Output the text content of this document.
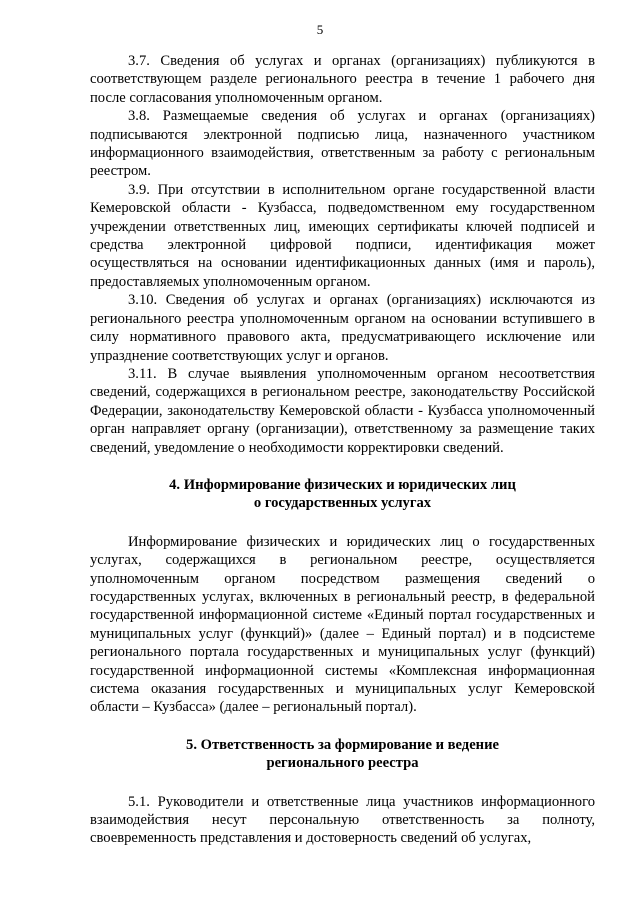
5

3.7. Сведения об услугах и органах (организациях) публикуются в соответствующем разделе регионального реестра в течение 1 рабочего дня после согласования уполномоченным органом.

3.8. Размещаемые сведения об услугах и органах (организациях) подписываются электронной подписью лица, назначенного участником информационного взаимодействия, ответственным за работу с региональным реестром.

3.9. При отсутствии в исполнительном органе государственной власти Кемеровской области - Кузбасса, подведомственном ему государственном учреждении ответственных лиц, имеющих сертификаты ключей подписей и средства электронной цифровой подписи, идентификация может осуществляться на основании идентификационных данных (имя и пароль), предоставляемых уполномоченным органом.

3.10. Сведения об услугах и органах (организациях) исключаются из регионального реестра уполномоченным органом на основании вступившего в силу нормативного правового акта, предусматривающего исключение или упразднение соответствующих услуг и органов.

3.11. В случае выявления уполномоченным органом несоответствия сведений, содержащихся в региональном реестре, законодательству Российской Федерации, законодательству Кемеровской области - Кузбасса уполномоченный орган направляет органу (организации), ответственному за размещение таких сведений, уведомление о необходимости корректировки сведений.

4. Информирование физических и юридических лиц
о государственных услугах

Информирование физических и юридических лиц о государственных услугах, содержащихся в региональном реестре, осуществляется уполномоченным органом посредством размещения сведений о государственных услугах, включенных в региональный реестр, в федеральной государственной информационной системе «Единый портал государственных и муниципальных услуг (функций)» (далее – Единый портал) и в подсистеме регионального портала государственных и муниципальных услуг (функций) государственной информационной системы «Комплексная информационная система оказания государственных и муниципальных услуг Кемеровской области – Кузбасса» (далее – региональный портал).

5. Ответственность за формирование и ведение
регионального реестра

5.1. Руководители и ответственные лица участников информационного взаимодействия несут персональную ответственность за полноту, своевременность представления и достоверность сведений об услугах,
